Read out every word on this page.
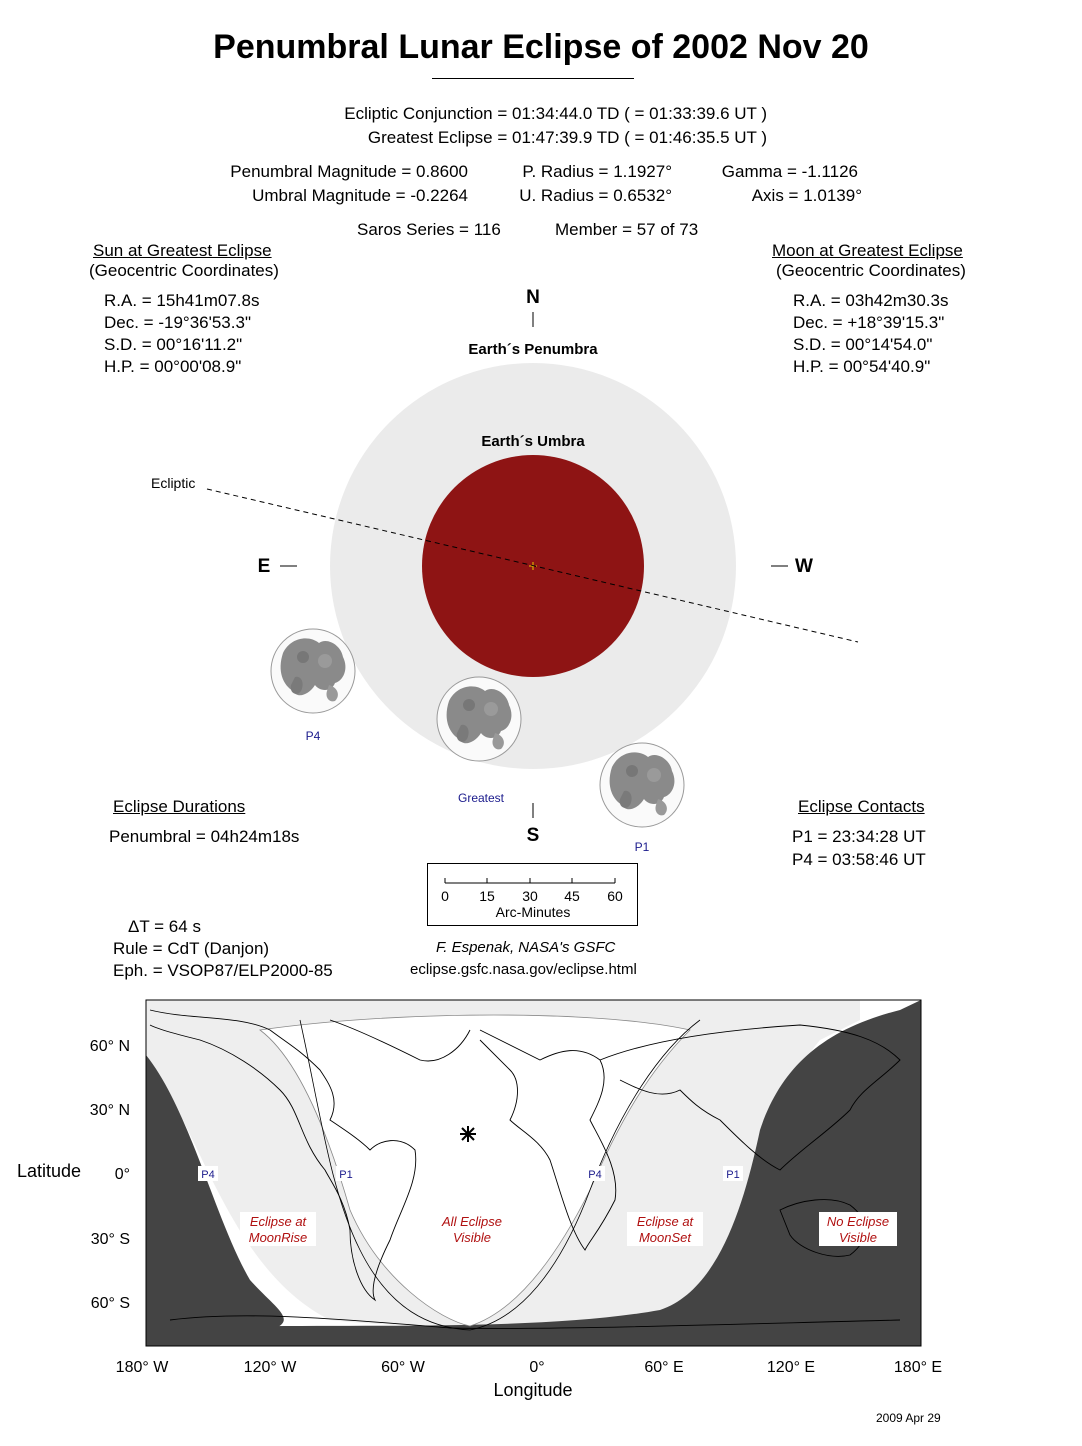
Penumbral Lunar Eclipse of 2002 Nov 20
Ecliptic Conjunction = 01:34:44.0 TD ( = 01:33:39.6 UT )
Greatest Eclipse = 01:47:39.9 TD ( = 01:46:35.5 UT )
Penumbral Magnitude = 0.8600
Umbral Magnitude = -0.2264
P. Radius = 1.1927°
U. Radius = 0.6532°
Gamma = -1.1126
Axis = 1.0139°
Saros Series = 116	Member = 57 of 73
Sun at Greatest Eclipse
(Geocentric Coordinates)
R.A. = 15h41m07.8s
Dec. = -19°36'53.3"
S.D. = 00°16'11.2"
H.P. = 00°00'08.9"
Moon at Greatest Eclipse
(Geocentric Coordinates)
R.A. = 03h42m30.3s
Dec. = +18°39'15.3"
S.D. = 00°14'54.0"
H.P. = 00°54'40.9"
Ecliptic
N
S
E	W
Earth´s Penumbra
Earth´s Umbra
P4
Greatest
P1
Eclipse Durations
Penumbral = 04h24m18s
Eclipse Contacts
P1 = 23:34:28 UT
P4 = 03:58:46 UT
0 15 30 45 60
Arc-Minutes
ΔT = 64 s
Rule = CdT (Danjon)
Eph. = VSOP87/ELP2000-85
F. Espenak, NASA's GSFC
eclipse.gsfc.nasa.gov/eclipse.html
P4	P1	P4	P1
Eclipse at
MoonRise
All Eclipse
Visible
Eclipse at
MoonSet
No Eclipse
Visible
60° N
30° N
0°
30° S
60° S
Latitude
180° W	120° W	60° W	0°	60° E	120° E	180° E
Longitude
2009 Apr 29
